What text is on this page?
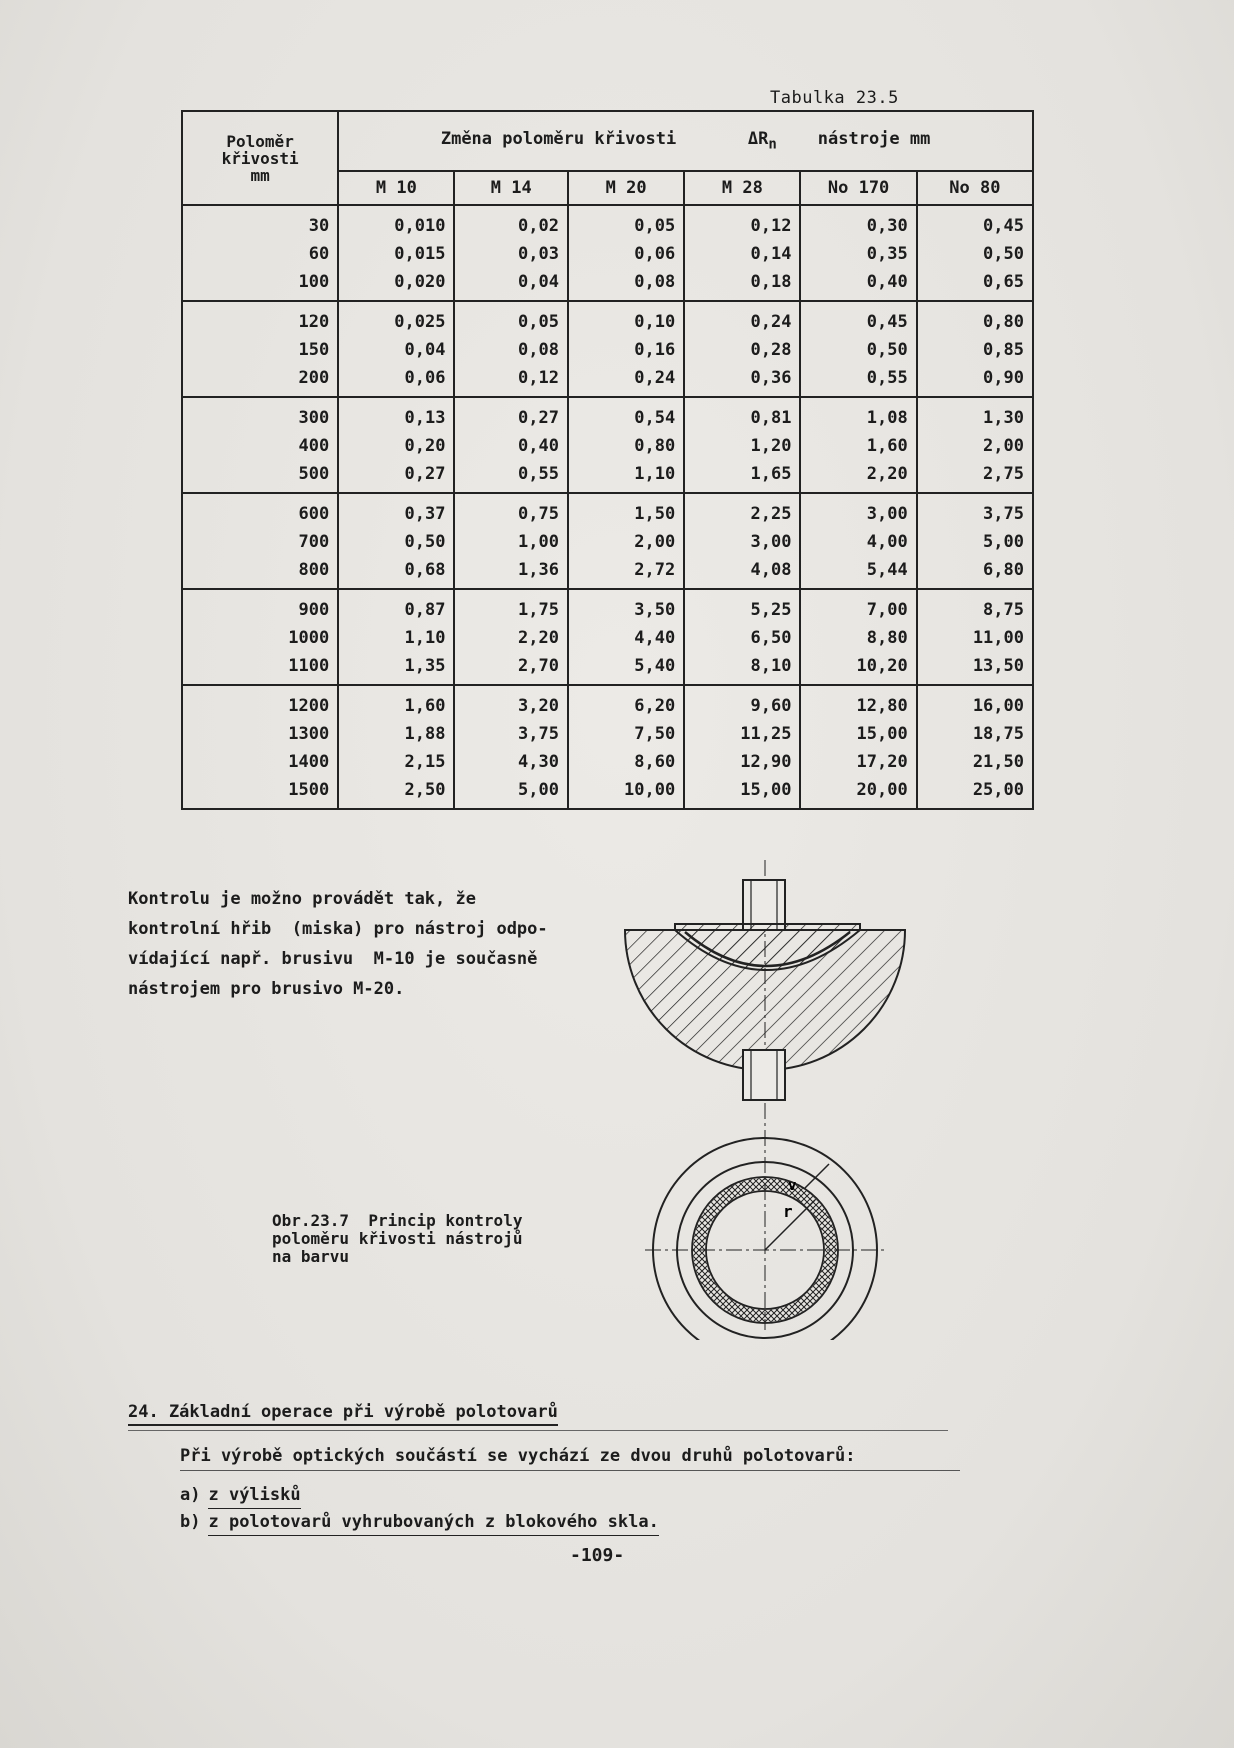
Tabulka 23.5
Poloměr
křivosti
mm	Změna poloměru křivosti $\Delta R_n$ nástroje mm					
	M 10	M 14	M 20	M 28	No 170	No 80
30	0,010	0,02	0,05	0,12	0,30	0,45
60	0,015	0,03	0,06	0,14	0,35	0,50
100	0,020	0,04	0,08	0,18	0,40	0,65
120	0,025	0,05	0,10	0,24	0,45	0,80
150	0,04	0,08	0,16	0,28	0,50	0,85
200	0,06	0,12	0,24	0,36	0,55	0,90
300	0,13	0,27	0,54	0,81	1,08	1,30
400	0,20	0,40	0,80	1,20	1,60	2,00
500	0,27	0,55	1,10	1,65	2,20	2,75
600	0,37	0,75	1,50	2,25	3,00	3,75
700	0,50	1,00	2,00	3,00	4,00	5,00
800	0,68	1,36	2,72	4,08	5,44	6,80
900	0,87	1,75	3,50	5,25	7,00	8,75
1000	1,10	2,20	4,40	6,50	8,80	11,00
1100	1,35	2,70	5,40	8,10	10,20	13,50
1200	1,60	3,20	6,20	9,60	12,80	16,00
1300	1,88	3,75	7,50	11,25	15,00	18,75
1400	2,15	4,30	8,60	12,90	17,20	21,50
1500	2,50	5,00	10,00	15,00	20,00	25,00
Kontrolu je možno provádět tak, že
kontrolní hřib  (miska) pro nástroj odpo-
vídající např. brusivu  M-10 je současně
nástrojem pro brusivo M-20.
r
v
Obr.23.7  Princip kontroly
poloměru křivosti nástrojů
na barvu
24. Základní operace při výrobě polotovarů
Při výrobě optických součástí se vychází ze dvou druhů polotovarů:
a) z výlisků
b) z polotovarů vyhrubovaných z blokového skla.
-109-
